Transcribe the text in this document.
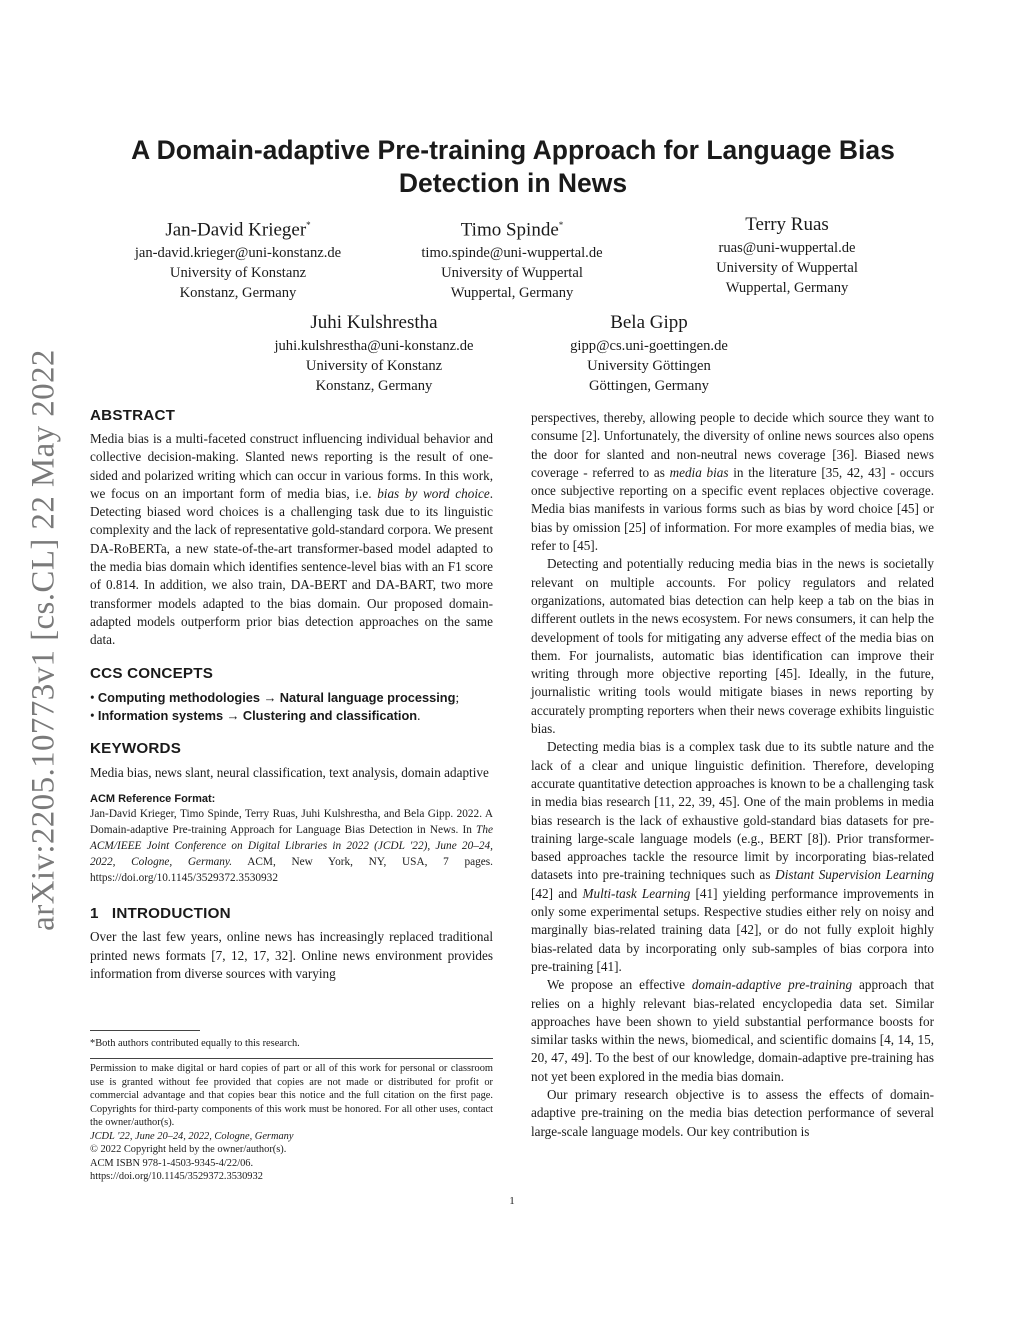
arXiv:2205.10773v1 [cs.CL] 22 May 2022
A Domain-adaptive Pre-training Approach for Language Bias Detection in News
Jan-David Krieger*
jan-david.krieger@uni-konstanz.de
University of Konstanz
Konstanz, Germany
Timo Spinde*
timo.spinde@uni-wuppertal.de
University of Wuppertal
Wuppertal, Germany
Terry Ruas
ruas@uni-wuppertal.de
University of Wuppertal
Wuppertal, Germany
Juhi Kulshrestha
juhi.kulshrestha@uni-konstanz.de
University of Konstanz
Konstanz, Germany
Bela Gipp
gipp@cs.uni-goettingen.de
University Göttingen
Göttingen, Germany
ABSTRACT

Media bias is a multi-faceted construct influencing individual behavior and collective decision-making. Slanted news reporting is the result of one-sided and polarized writing which can occur in various forms. In this work, we focus on an important form of media bias, i.e. bias by word choice. Detecting biased word choices is a challenging task due to its linguistic complexity and the lack of representative gold-standard corpora. We present DA-RoBERTa, a new state-of-the-art transformer-based model adapted to the media bias domain which identifies sentence-level bias with an F1 score of 0.814. In addition, we also train, DA-BERT and DA-BART, two more transformer models adapted to the bias domain. Our proposed domain-adapted models outperform prior bias detection approaches on the same data.

CCS CONCEPTS
• Computing methodologies → Natural language processing;
• Information systems → Clustering and classification.
KEYWORDS

Media bias, news slant, neural classification, text analysis, domain adaptive

ACM Reference Format:

Jan-David Krieger, Timo Spinde, Terry Ruas, Juhi Kulshrestha, and Bela Gipp. 2022. A Domain-adaptive Pre-training Approach for Language Bias Detection in News. In The ACM/IEEE Joint Conference on Digital Libraries in 2022 (JCDL '22), June 20–24, 2022, Cologne, Germany. ACM, New York, NY, USA, 7 pages. https://doi.org/10.1145/3529372.3530932

1 INTRODUCTION

Over the last few years, online news has increasingly replaced traditional printed news formats [7, 12, 17, 32]. Online news environment provides information from diverse sources with varying

*Both authors contributed equally to this research.
Permission to make digital or hard copies of part or all of this work for personal or classroom use is granted without fee provided that copies are not made or distributed for profit or commercial advantage and that copies bear this notice and the full citation on the first page. Copyrights for third-party components of this work must be honored. For all other uses, contact the owner/author(s).
JCDL '22, June 20–24, 2022, Cologne, Germany
© 2022 Copyright held by the owner/author(s).
ACM ISBN 978-1-4503-9345-4/22/06.
https://doi.org/10.1145/3529372.3530932

perspectives, thereby, allowing people to decide which source they want to consume [2]. Unfortunately, the diversity of online news sources also opens the door for slanted and non-neutral news coverage [36]. Biased news coverage - referred to as media bias in the literature [35, 42, 43] - occurs once subjective reporting on a specific event replaces objective coverage. Media bias manifests in various forms such as bias by word choice [45] or bias by omission [25] of information. For more examples of media bias, we refer to [45].

Detecting and potentially reducing media bias in the news is societally relevant on multiple accounts. For policy regulators and related organizations, automated bias detection can help keep a tab on the bias in different outlets in the news ecosystem. For news consumers, it can help the development of tools for mitigating any adverse effect of the media bias on them. For journalists, automatic bias identification can improve their writing through more objective reporting [45]. Ideally, in the future, journalistic writing tools would mitigate biases in news reporting by accurately prompting reporters when their news coverage exhibits linguistic bias.

Detecting media bias is a complex task due to its subtle nature and the lack of a clear and unique linguistic definition. Therefore, developing accurate quantitative detection approaches is known to be a challenging task in media bias research [11, 22, 39, 45]. One of the main problems in media bias research is the lack of exhaustive gold-standard bias datasets for pre-training large-scale language models (e.g., BERT [8]). Prior transformer-based approaches tackle the resource limit by incorporating bias-related datasets into pre-training techniques such as Distant Supervision Learning [42] and Multi-task Learning [41] yielding performance improvements in only some experimental setups. Respective studies either rely on noisy and marginally bias-related training data [42], or do not fully exploit highly bias-related data by incorporating only sub-samples of bias corpora into pre-training [41].

We propose an effective domain-adaptive pre-training approach that relies on a highly relevant bias-related encyclopedia data set. Similar approaches have been shown to yield substantial performance boosts for similar tasks within the news, biomedical, and scientific domains [4, 14, 15, 20, 47, 49]. To the best of our knowledge, domain-adaptive pre-training has not yet been explored in the media bias domain.

Our primary research objective is to assess the effects of domain-adaptive pre-training on the media bias detection performance of several large-scale language models. Our key contribution is

1
